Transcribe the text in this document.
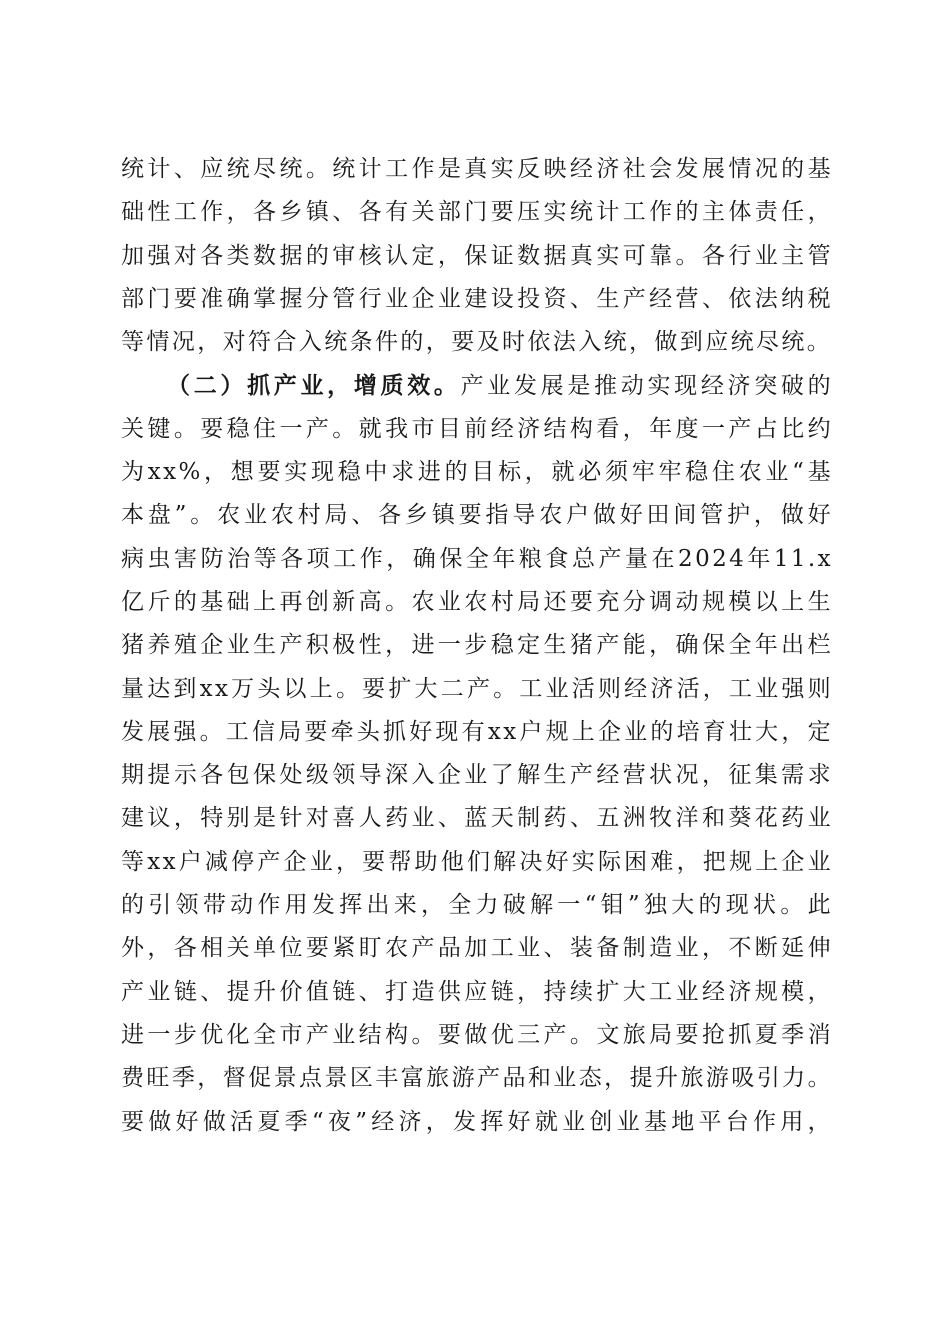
统计、应统尽统。统计工作是真实反映经济社会发展情况的基
础性工作，各乡镇、各有关部门要压实统计工作的主体责任，
加强对各类数据的审核认定，保证数据真实可靠。各行业主管
部门要准确掌握分管行业企业建设投资、生产经营、依法纳税
等情况，对符合入统条件的，要及时依法入统，做到应统尽统。
（二）抓产业，增质效。产业发展是推动实现经济突破的
关键。要稳住一产。就我市目前经济结构看，年度一产占比约
为xx%，想要实现稳中求进的目标，就必须牢牢稳住农业“基
本盘”。农业农村局、各乡镇要指导农户做好田间管护，做好
病虫害防治等各项工作，确保全年粮食总产量在2024年11.x
亿斤的基础上再创新高。农业农村局还要充分调动规模以上生
猪养殖企业生产积极性，进一步稳定生猪产能，确保全年出栏
量达到xx万头以上。要扩大二产。工业活则经济活，工业强则
发展强。工信局要牵头抓好现有xx户规上企业的培育壮大，定
期提示各包保处级领导深入企业了解生产经营状况，征集需求
建议，特别是针对喜人药业、蓝天制药、五洲牧洋和葵花药业
等xx户减停产企业，要帮助他们解决好实际困难，把规上企业
的引领带动作用发挥出来，全力破解一“钼”独大的现状。此
外，各相关单位要紧盯农产品加工业、装备制造业，不断延伸
产业链、提升价值链、打造供应链，持续扩大工业经济规模，
进一步优化全市产业结构。要做优三产。文旅局要抢抓夏季消
费旺季，督促景点景区丰富旅游产品和业态，提升旅游吸引力。
要做好做活夏季“夜”经济，发挥好就业创业基地平台作用，
